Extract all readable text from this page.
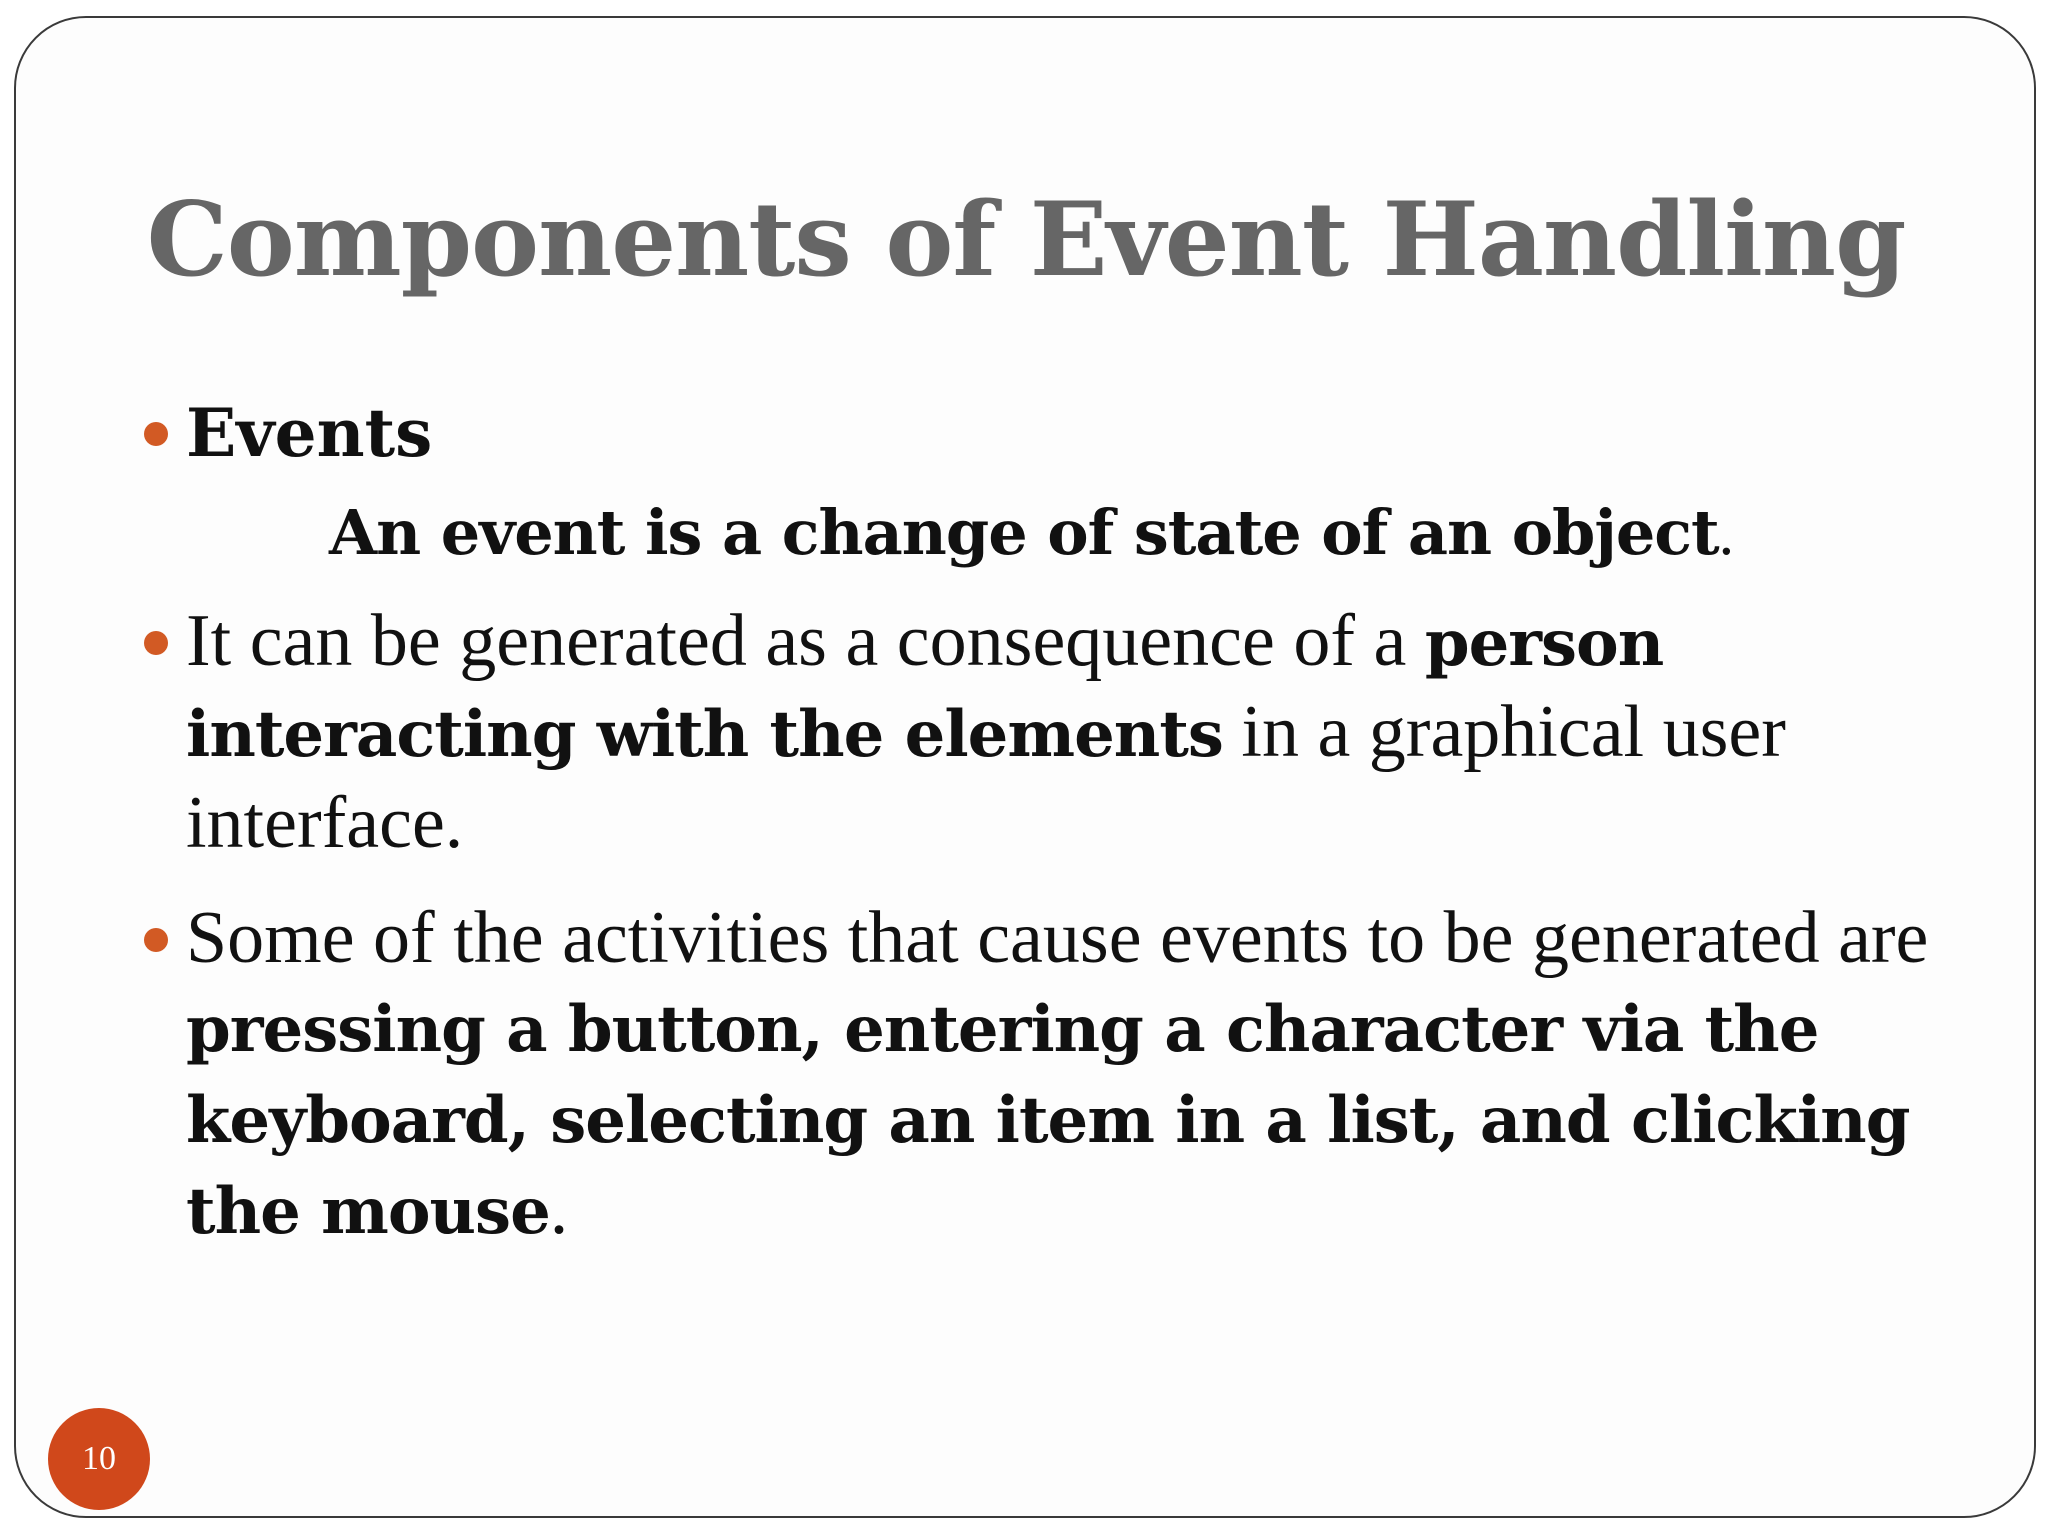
Components of Event Handling
Events
An event is a change of state of an object.
It can be generated as a consequence of a person interacting with the elements in a graphical user interface.
Some of the activities that cause events to be generated are pressing a button, entering a character via the keyboard, selecting an item in a list, and clicking the mouse.
10
